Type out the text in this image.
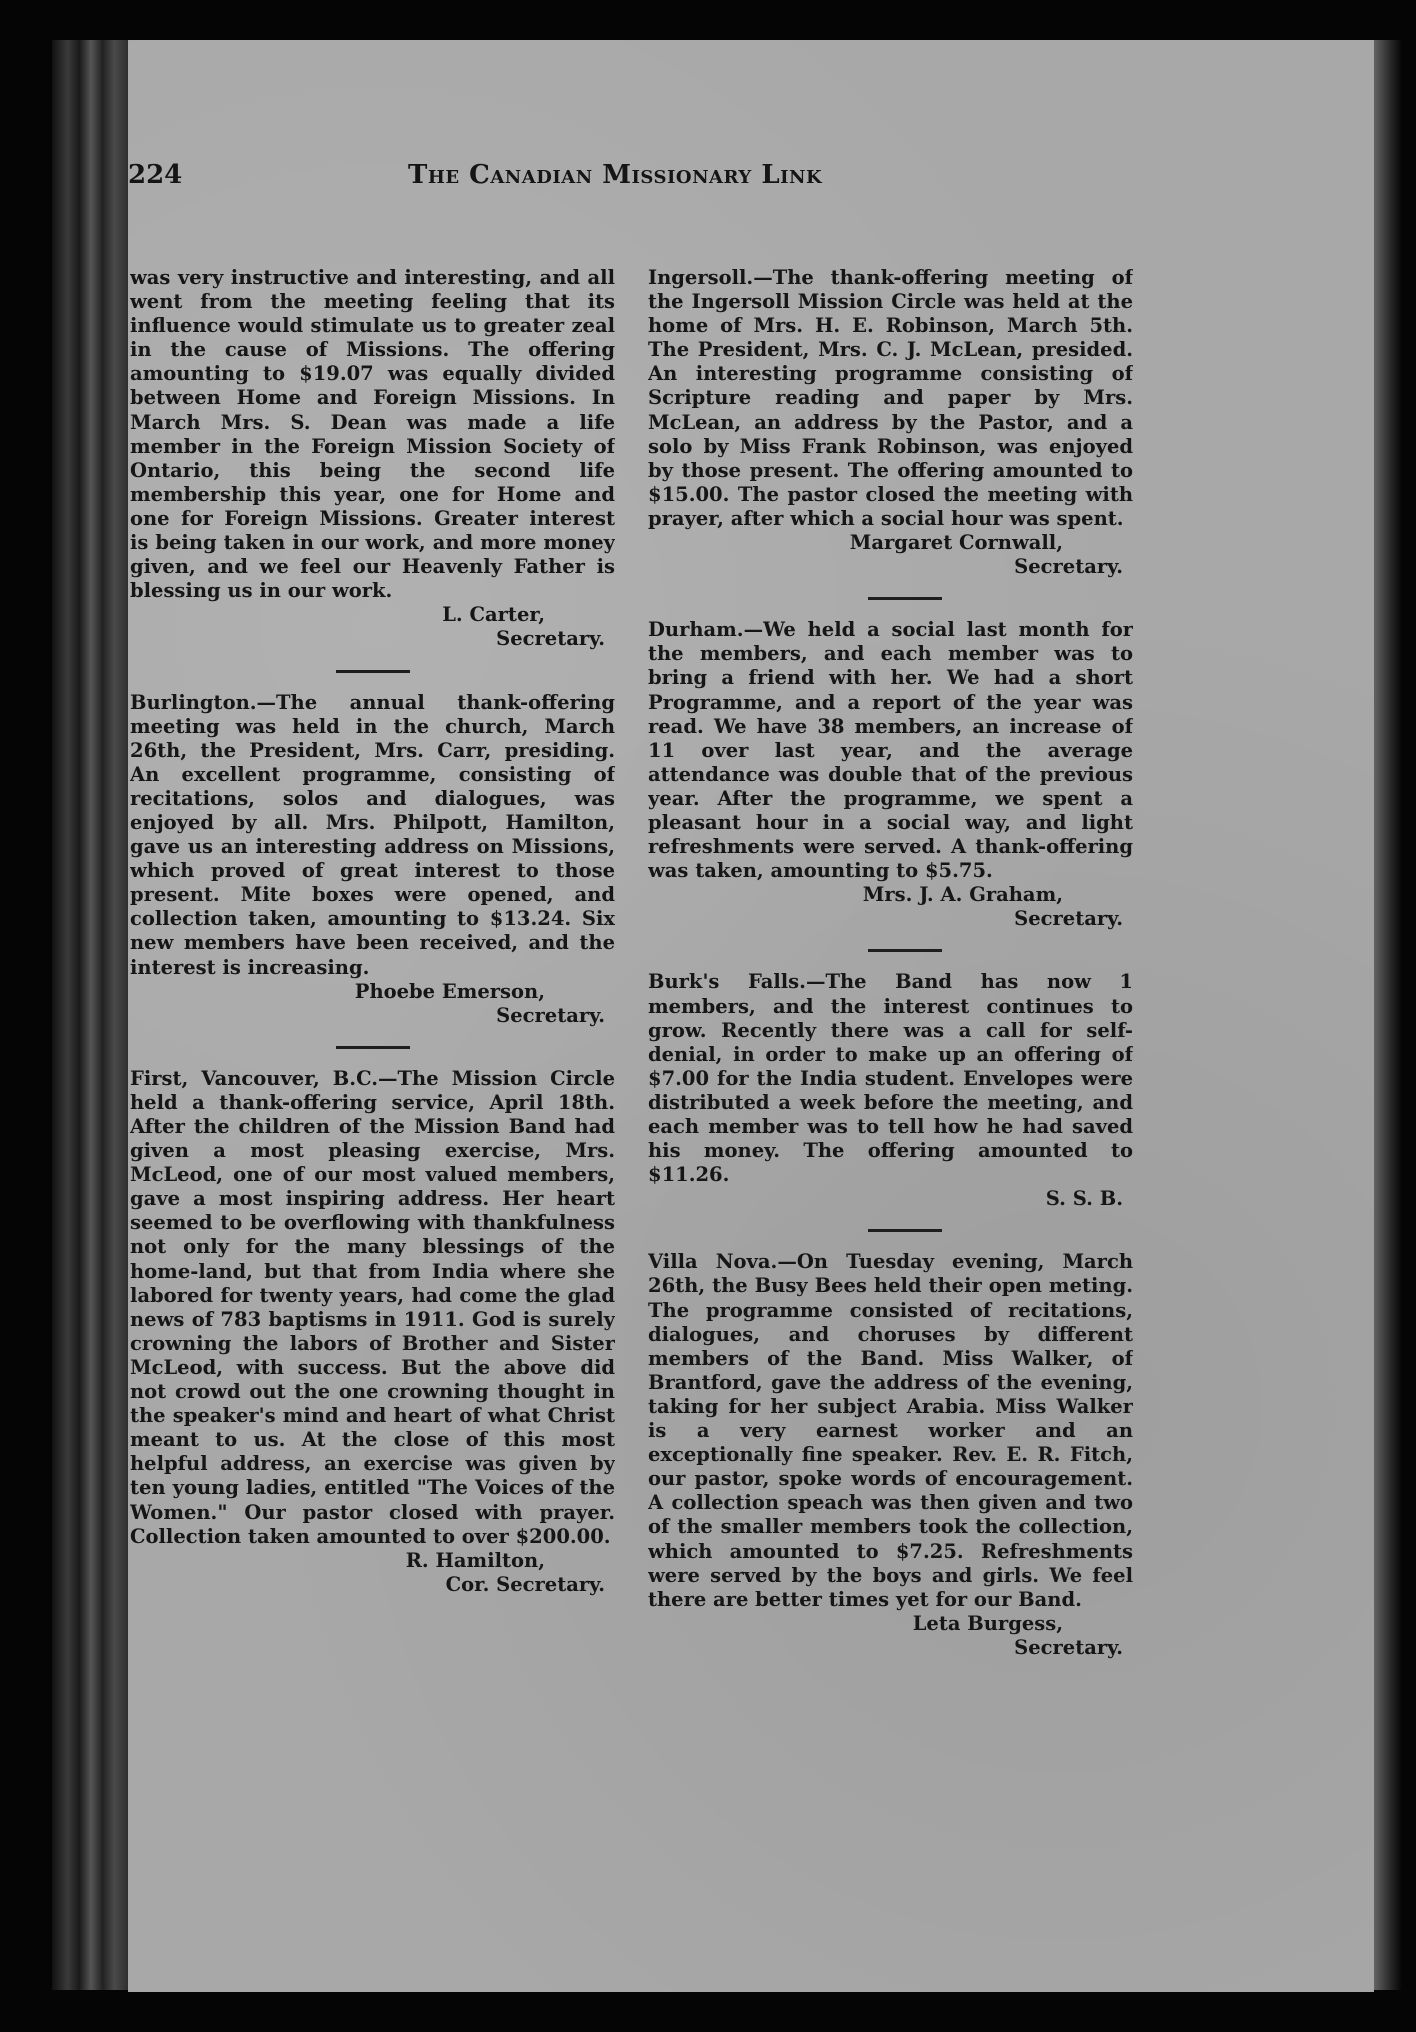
224	The Canadian Missionary Link

was very instructive and interesting, and all went from the meeting feeling that its influence would stimulate us to greater zeal in the cause of Missions. The offering amounting to $19.07 was equally divided between Home and Foreign Missions. In March Mrs. S. Dean was made a life member in the Foreign Mission Society of Ontario, this being the second life membership this year, one for Home and one for Foreign Missions. Greater interest is being taken in our work, and more money given, and we feel our Heavenly Father is blessing us in our work.

L. Carter,

Secretary.

Burlington.—The annual thank-offering meeting was held in the church, March 26th, the President, Mrs. Carr, presiding. An excellent programme, consisting of recitations, solos and dialogues, was enjoyed by all. Mrs. Philpott, Hamilton, gave us an interesting address on Missions, which proved of great interest to those present. Mite boxes were opened, and collection taken, amounting to $13.24. Six new members have been received, and the interest is increasing.

Phoebe Emerson,

Secretary.

First, Vancouver, B.C.—The Mission Circle held a thank-offering service, April 18th. After the children of the Mission Band had given a most pleasing exercise, Mrs. McLeod, one of our most valued members, gave a most inspiring address. Her heart seemed to be overflowing with thankfulness not only for the many blessings of the home-land, but that from India where she labored for twenty years, had come the glad news of 783 baptisms in 1911. God is surely crowning the labors of Brother and Sister McLeod, with success. But the above did not crowd out the one crowning thought in the speaker's mind and heart of what Christ meant to us. At the close of this most helpful address, an exercise was given by ten young ladies, entitled "The Voices of the Women." Our pastor closed with prayer. Collection taken amounted to over $200.00.

R. Hamilton,

Cor. Secretary.

Ingersoll.—The thank-offering meeting of the Ingersoll Mission Circle was held at the home of Mrs. H. E. Robinson, March 5th. The President, Mrs. C. J. McLean, presided. An interesting programme consisting of Scripture reading and paper by Mrs. McLean, an address by the Pastor, and a solo by Miss Frank Robinson, was enjoyed by those present. The offering amounted to $15.00. The pastor closed the meeting with prayer, after which a social hour was spent.

Margaret Cornwall,

Secretary.

Durham.—We held a social last month for the members, and each member was to bring a friend with her. We had a short Programme, and a report of the year was read. We have 38 members, an increase of 11 over last year, and the average attendance was double that of the previous year. After the programme, we spent a pleasant hour in a social way, and light refreshments were served. A thank-offering was taken, amounting to $5.75.

Mrs. J. A. Graham,

Secretary.

Burk's Falls.—The Band has now 1 members, and the interest continues to grow. Recently there was a call for self-denial, in order to make up an offering of $7.00 for the India student. Envelopes were distributed a week before the meeting, and each member was to tell how he had saved his money. The offering amounted to $11.26.

S. S. B.

Villa Nova.—On Tuesday evening, March 26th, the Busy Bees held their open meting. The programme consisted of recitations, dialogues, and choruses by different members of the Band. Miss Walker, of Brantford, gave the address of the evening, taking for her subject Arabia. Miss Walker is a very earnest worker and an exceptionally fine speaker. Rev. E. R. Fitch, our pastor, spoke words of encouragement. A collection speach was then given and two of the smaller members took the collection, which amounted to $7.25. Refreshments were served by the boys and girls. We feel there are better times yet for our Band.

Leta Burgess,

Secretary.
